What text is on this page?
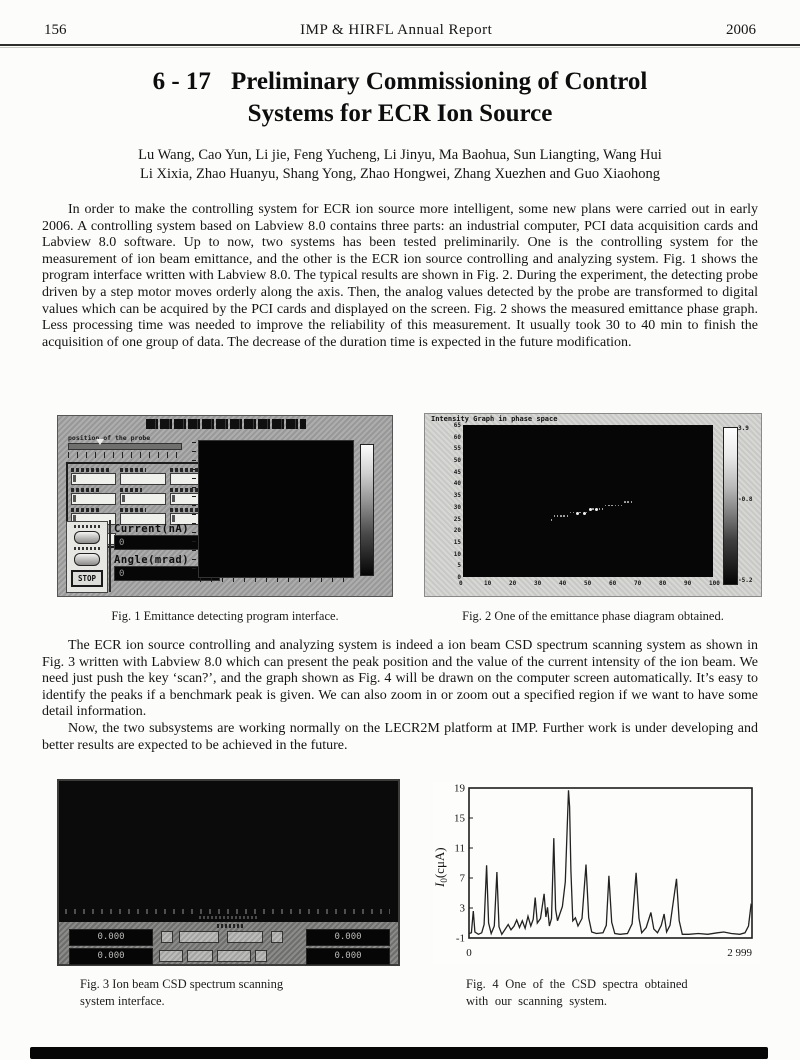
156	IMP & HIRFL Annual Report	2006
6 - 17 Preliminary Commissioning of Control
Systems for ECR Ion Source
Lu Wang, Cao Yun, Li jie, Feng Yucheng, Li Jinyu, Ma Baohua, Sun Liangting, Wang Hui
Li Xixia, Zhao Huanyu, Shang Yong, Zhao Hongwei, Zhang Xuezhen and Guo Xiaohong

In order to make the controlling system for ECR ion source more intelligent, some new plans were carried out in early 2006. A controlling system based on Labview 8.0 contains three parts: an industrial computer, PCI data acquisition cards and Labview 8.0 software. Up to now, two systems has been tested preliminarily. One is the controlling system for the measurement of ion beam emittance, and the other is the ECR ion source controlling and analyzing system. Fig. 1 shows the program interface written with Labview 8.0. The typical results are shown in Fig. 2. During the experiment, the detecting probe driven by a step motor moves orderly along the axis. Then, the analog values detected by the probe are transformed to digital values which can be acquired by the PCI cards and displayed on the screen. Fig. 2 shows the measured emittance phase graph. Less processing time was needed to improve the reliability of this measurement. It usually took 30 to 40 min to finish the acquisition of one group of data. The decrease of the duration time is expected in the future modification.

position of the probe
STOP
Current(nA)
0
Angle(mrad)
0
Intensity Graph in phase space
3.9
-0.8
-5.2
0
5
10
15
20
25
30
35
40
45
50
55
60
65
0	10	20	30	40	50	60	70	80	90	100
Fig. 1 Emittance detecting program interface.	Fig. 2 One of the emittance phase diagram obtained.

The ECR ion source controlling and analyzing system is indeed a ion beam CSD spectrum scanning system as shown in Fig. 3 written with Labview 8.0 which can present the peak position and the value of the current intensity of the ion beam. We need just push the key ‘scan?’, and the graph shown as Fig. 4 will be drawn on the computer screen automatically. It’s easy to identify the peaks if a benchmark peak is given. We can also zoom in or zoom out a specified region if we want to have some detail information.

Now, the two subsystems are working normally on the LECR2M platform at IMP. Further work is under developing and better results are expected to be achieved in the future.

0.000
0.000
0.000
0.000
-1
3
7
11
15
19
0	2 999
$I_0(c\mu A)$
Fig. 3 Ion beam CSD spectrum scanning
system interface.
Fig. 4 One of the CSD spectra obtained
with our scanning system.
